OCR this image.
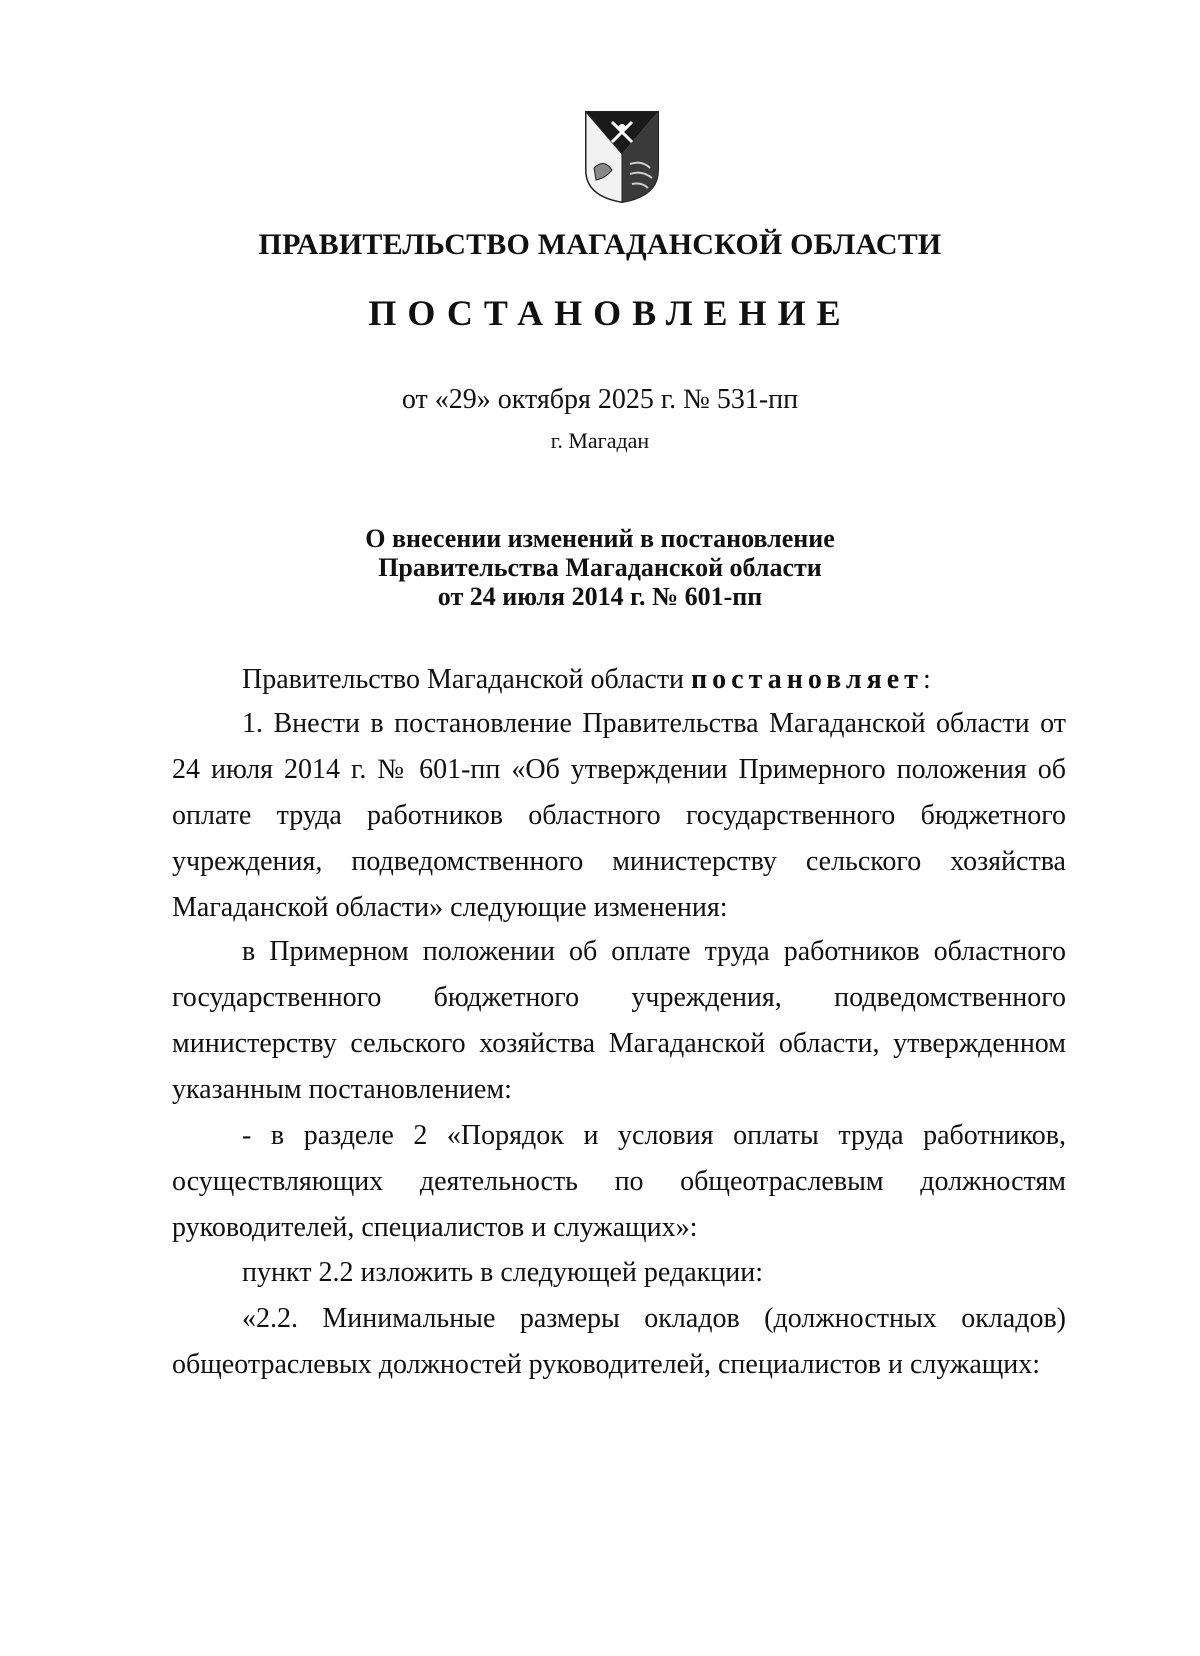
ПРАВИТЕЛЬСТВО МАГАДАНСКОЙ ОБЛАСТИ
ПОСТАНОВЛЕНИЕ
от «29» октября 2025 г. № 531-пп
г. Магадан
О внесении изменений в постановление
Правительства Магаданской области
от 24 июля 2014 г. № 601-пп

Правительство Магаданской области постановляет:

1. Внести в постановление Правительства Магаданской области от 24 июля 2014 г. № 601-пп «Об утверждении Примерного положения об оплате труда работников областного государственного бюджетного учреждения, подведомственного министерству сельского хозяйства Магаданской области» следующие изменения:

в Примерном положении об оплате труда работников областного государственного бюджетного учреждения, подведомственного министерству сельского хозяйства Магаданской области, утвержденном указанным постановлением:

- в разделе 2 «Порядок и условия оплаты труда работников, осуществляющих деятельность по общеотраслевым должностям руководителей, специалистов и служащих»:

пункт 2.2 изложить в следующей редакции:

«2.2. Минимальные размеры окладов (должностных окладов) общеотраслевых должностей руководителей, специалистов и служащих:
